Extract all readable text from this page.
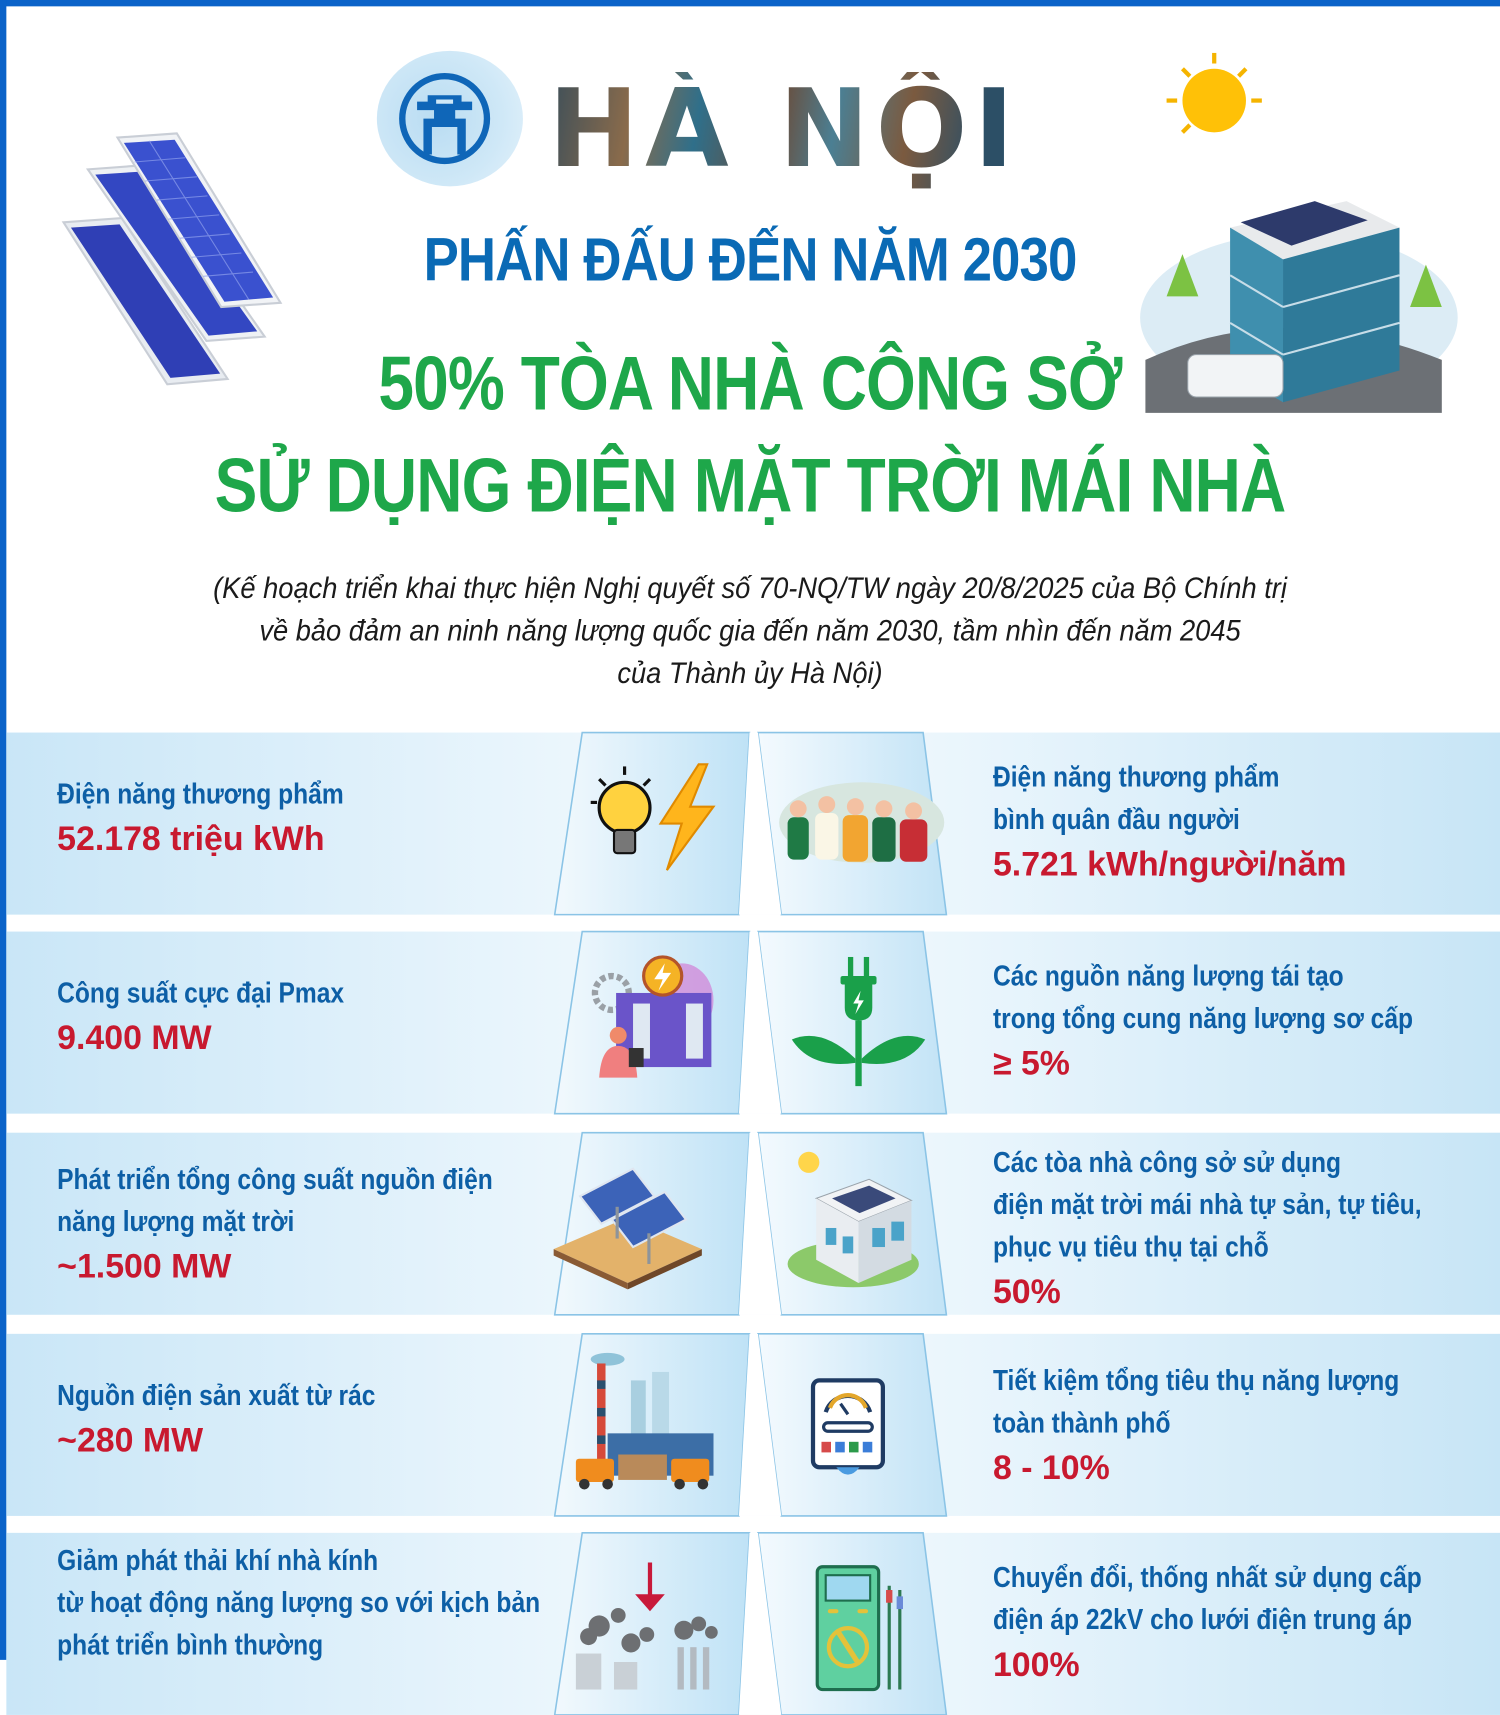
HÀ NỘI
PHẤN ĐẤU ĐẾN NĂM 2030
50% TÒA NHÀ CÔNG SỞ
SỬ DỤNG ĐIỆN MẶT TRỜI MÁI NHÀ
(Kế hoạch triển khai thực hiện Nghị quyết số 70-NQ/TW ngày 20/8/2025 của Bộ Chính trị
về bảo đảm an ninh năng lượng quốc gia đến năm 2030, tầm nhìn đến năm 2045
của Thành ủy Hà Nội)
Điện năng thương phẩm
52.178 triệu kWh
Điện năng thương phẩm
bình quân đầu người
5.721 kWh/người/năm
Công suất cực đại Pmax
9.400 MW
Các nguồn năng lượng tái tạo
trong tổng cung năng lượng sơ cấp
≥ 5%
Phát triển tổng công suất nguồn điện
năng lượng mặt trời
~1.500 MW
Các tòa nhà công sở sử dụng
điện mặt trời mái nhà tự sản, tự tiêu,
phục vụ tiêu thụ tại chỗ
50%
Nguồn điện sản xuất từ rác
~280 MW
Tiết kiệm tổng tiêu thụ năng lượng
toàn thành phố
8 - 10%
Giảm phát thải khí nhà kính
từ hoạt động năng lượng so với kịch bản
phát triển bình thường
Chuyển đổi, thống nhất sử dụng cấp
điện áp 22kV cho lưới điện trung áp
100%
